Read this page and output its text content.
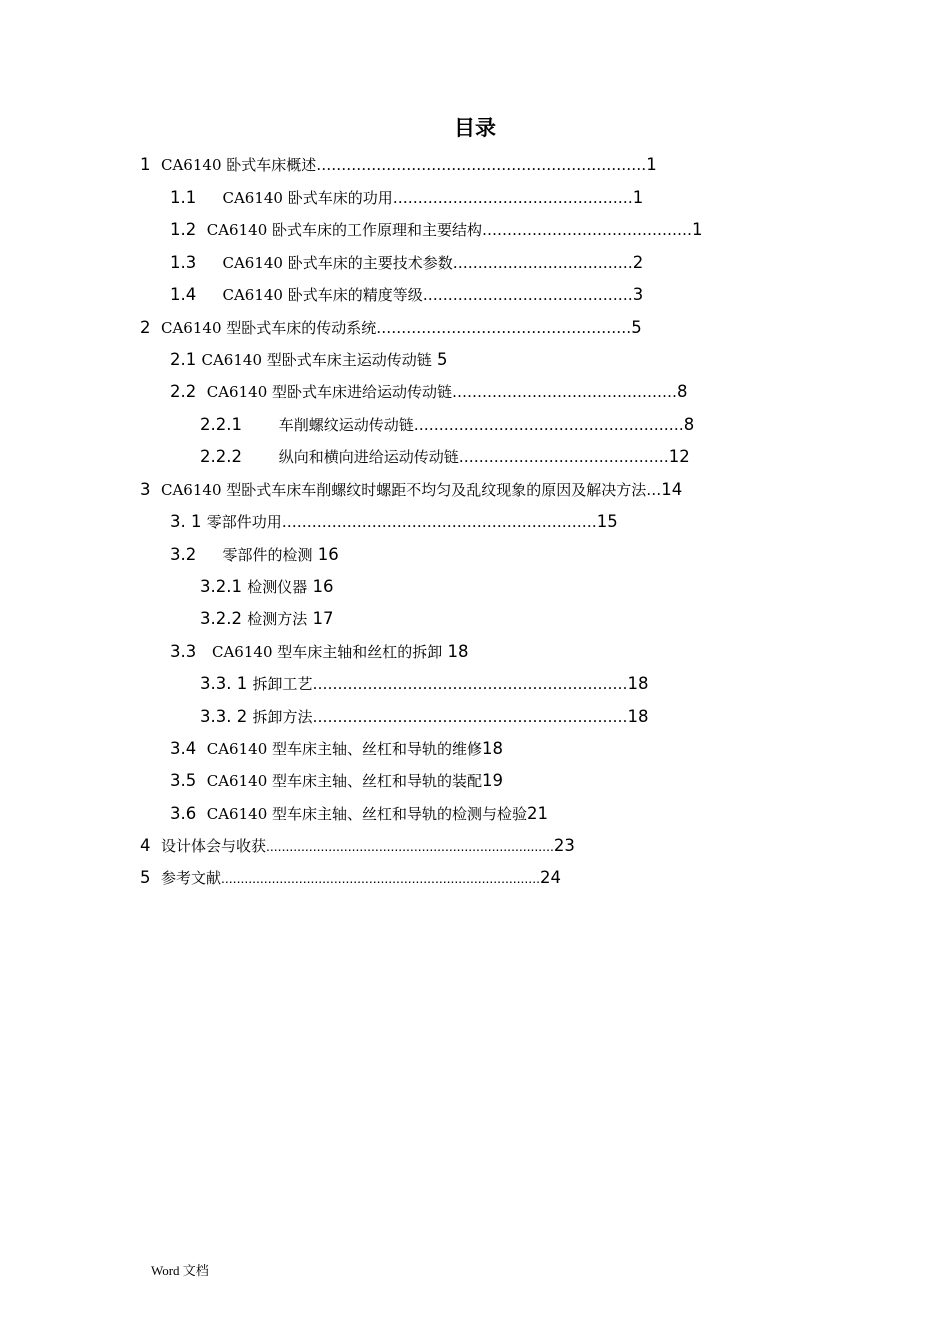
目录
1 CA6140 卧式车床概述…………………………………………………………1
1.1 CA6140 卧式车床的功用…………………………………………1
1.2 CA6140 卧式车床的工作原理和主要结构……………………………………1
1.3 CA6140 卧式车床的主要技术参数………………………………2
1.4 CA6140 卧式车床的精度等级……………………………………3
2 CA6140 型卧式车床的传动系统……………………………………………5
2.1 CA6140 型卧式车床主运动传动链 5
2.2 CA6140 型卧式车床进给运动传动链………………………………………8
2.2.1 车削螺纹运动传动链………………………………………………8
2.2.2 纵向和横向进给运动传动链……………………………………12
3 CA6140 型卧式车床车削螺纹时螺距不均匀及乱纹现象的原因及解决方法…14
3. 1 零部件功用………………………………………………………15
3.2 零部件的检测 16
3.2.1 检测仪器 16
3.2.2 检测方法 17
3.3 CA6140 型车床主轴和丝杠的拆卸 18
3.3. 1 拆卸工艺………………………………………………………18
3.3. 2 拆卸方法………………………………………………………18
3.4 CA6140 型车床主轴、丝杠和导轨的维修18
3.5 CA6140 型车床主轴、丝杠和导轨的装配19
3.6 CA6140 型车床主轴、丝杠和导轨的检测与检验21
4 设计体会与收获..........................................................................23
5 参考文献..................................................................................24
Word 文档
